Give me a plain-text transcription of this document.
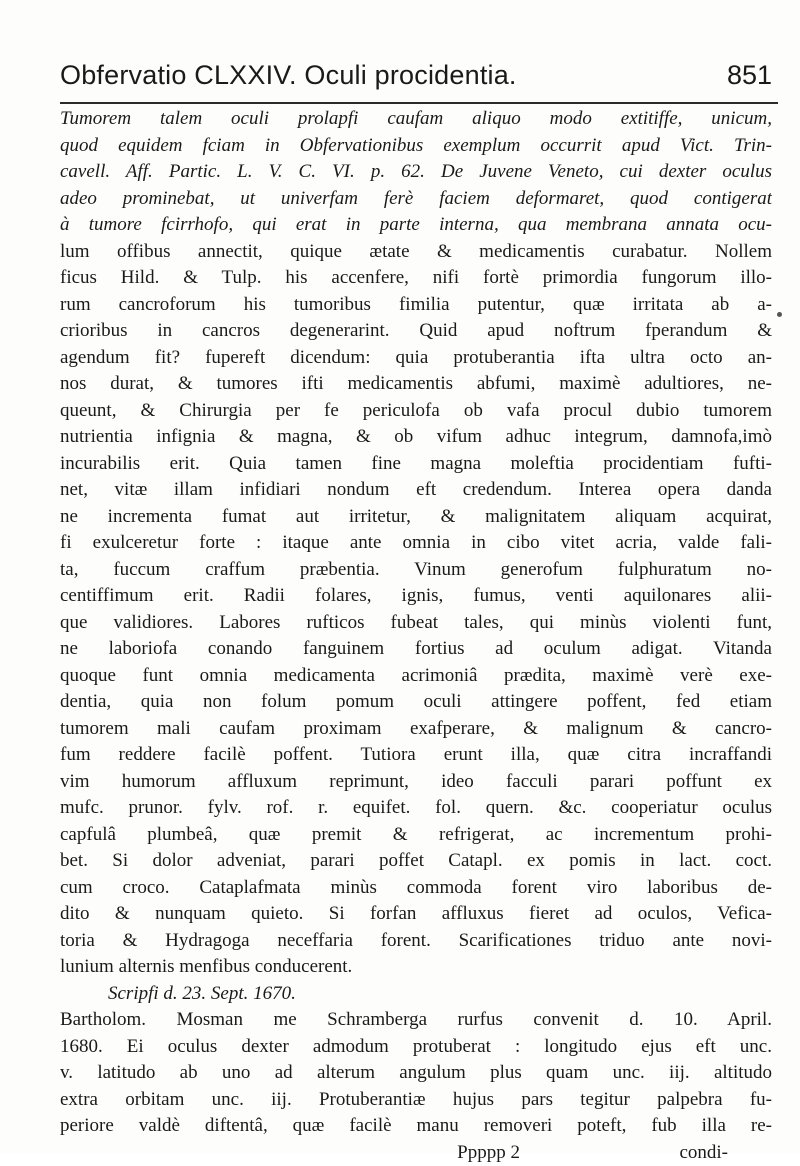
Obfervatio CLXXIV. Oculi procidentia.	851
Tumorem talem oculi prolapfi caufam aliquo modo extitiffe, unicum,
quod equidem fciam in Obfervationibus exemplum occurrit apud Vict. Trin-
cavell. Aff. Partic. L. V. C. VI. p. 62. De Juvene Veneto, cui dexter oculus
adeo prominebat, ut univerfam ferè faciem deformaret, quod contigerat
à tumore fcirrhofo, qui erat in parte interna, qua membrana annata ocu-
lum offibus annectit, quique ætate & medicamentis curabatur. Nollem
ficus Hild. & Tulp. his accenfere, nifi fortè primordia fungorum illo-
rum cancroforum his tumoribus fimilia putentur, quæ irritata ab a-
crioribus in cancros degenerarint. Quid apud noftrum fperandum &
agendum fit? fupereft dicendum: quia protuberantia ifta ultra octo an-
nos durat, & tumores ifti medicamentis abfumi, maximè adultiores, ne-
queunt, & Chirurgia per fe periculofa ob vafa procul dubio tumorem
nutrientia infignia & magna, & ob vifum adhuc integrum, damnofa,imò
incurabilis erit. Quia tamen fine magna moleftia procidentiam fufti-
net, vitæ illam infidiari nondum eft credendum. Interea opera danda
ne incrementa fumat aut irritetur, & malignitatem aliquam acquirat,
fi exulceretur forte : itaque ante omnia in cibo vitet acria, valde fali-
ta, fuccum craffum præbentia. Vinum generofum fulphuratum no-
centiffimum erit. Radii folares, ignis, fumus, venti aquilonares alii-
que validiores. Labores rufticos fubeat tales, qui minùs violenti funt,
ne laboriofa conando fanguinem fortius ad oculum adigat. Vitanda
quoque funt omnia medicamenta acrimoniâ prædita, maximè verè exe-
dentia, quia non folum pomum oculi attingere poffent, fed etiam
tumorem mali caufam proximam exafperare, & malignum & cancro-
fum reddere facilè poffent. Tutiora erunt illa, quæ citra incraffandi
vim humorum affluxum reprimunt, ideo facculi parari poffunt ex
mufc. prunor. fylv. rof. r. equifet. fol. quern. &c. cooperiatur oculus
capfulâ plumbeâ, quæ premit & refrigerat, ac incrementum prohi-
bet. Si dolor adveniat, parari poffet Catapl. ex pomis in lact. coct.
cum croco. Cataplafmata minùs commoda forent viro laboribus de-
dito & nunquam quieto. Si forfan affluxus fieret ad oculos, Vefica-
toria & Hydragoga neceffaria forent. Scarificationes triduo ante novi-
lunium alternis menfibus conducerent.
Scripfi d. 23. Sept. 1670.
Bartholom. Mosman me Schramberga rurfus convenit d. 10. April.
1680. Ei oculus dexter admodum protuberat : longitudo ejus eft unc.
v. latitudo ab uno ad alterum angulum plus quam unc. iij. altitudo
extra orbitam unc. iij. Protuberantiæ hujus pars tegitur palpebra fu-
periore valdè diftentâ, quæ facilè manu removeri poteft, fub illa re-
Ppppp 2	condi-
